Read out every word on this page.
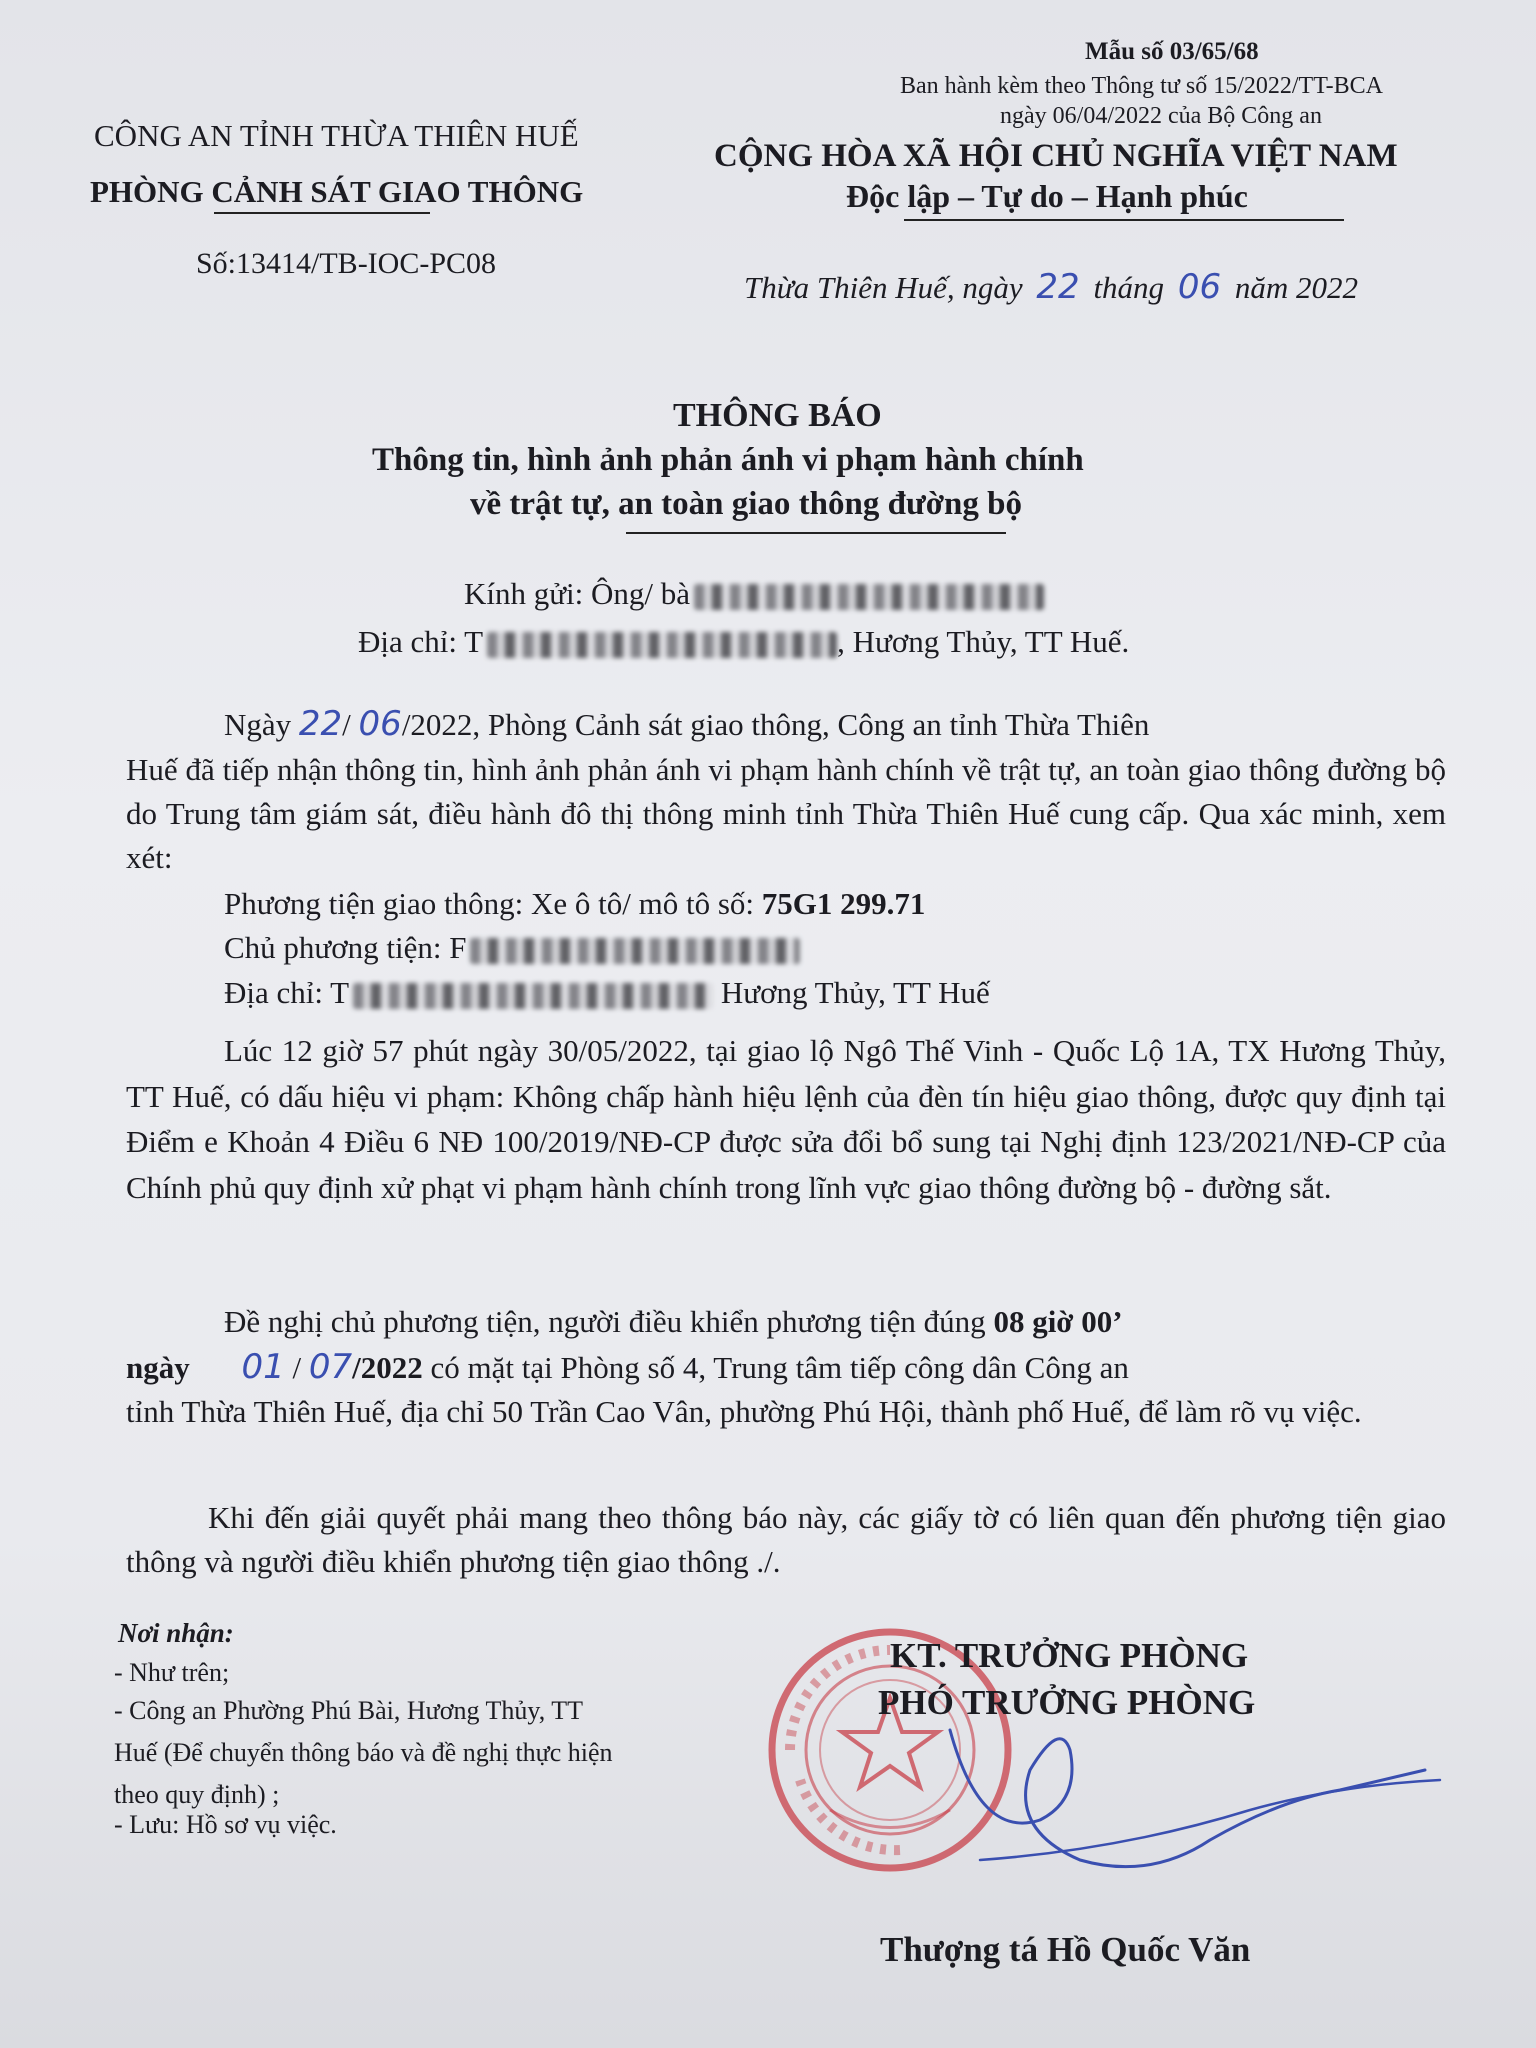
Mẫu số 03/65/68
Ban hành kèm theo Thông tư số 15/2022/TT-BCA
ngày 06/04/2022 của Bộ Công an
CÔNG AN TỈNH THỪA THIÊN HUẾ
PHÒNG CẢNH SÁT GIAO THÔNG
Số:13414/TB-IOC-PC08
CỘNG HÒA XÃ HỘI CHỦ NGHĨA VIỆT NAM
Độc lập – Tự do – Hạnh phúc
Thừa Thiên Huế, ngày 22 tháng 06 năm 2022
THÔNG BÁO
Thông tin, hình ảnh phản ánh vi phạm hành chính
về trật tự, an toàn giao thông đường bộ
Kính gửi: Ông/ bà
Địa chỉ: T	, Hương Thủy, TT Huế.
Ngày 22/ 06/2022, Phòng Cảnh sát giao thông, Công an tỉnh Thừa Thiên
Huế đã tiếp nhận thông tin, hình ảnh phản ánh vi phạm hành chính về trật tự, an toàn giao thông đường bộ do Trung tâm giám sát, điều hành đô thị thông minh tỉnh Thừa Thiên Huế cung cấp. Qua xác minh, xem xét:
Phương tiện giao thông: Xe ô tô/ mô tô số: 75G1 299.71
Chủ phương tiện: F
Địa chỉ: T	Hương Thủy, TT Huế
Lúc 12 giờ 57 phút ngày 30/05/2022, tại giao lộ Ngô Thế Vinh - Quốc Lộ 1A, TX Hương Thủy, TT Huế, có dấu hiệu vi phạm: Không chấp hành hiệu lệnh của đèn tín hiệu giao thông, được quy định tại Điểm e Khoản 4 Điều 6 NĐ 100/2019/NĐ-CP được sửa đổi bổ sung tại Nghị định 123/2021/NĐ-CP của Chính phủ quy định xử phạt vi phạm hành chính trong lĩnh vực giao thông đường bộ - đường sắt.
Đề nghị chủ phương tiện, người điều khiển phương tiện đúng 08 giờ 00’
ngày 01 / 07/2022 có mặt tại Phòng số 4, Trung tâm tiếp công dân Công an
tỉnh Thừa Thiên Huế, địa chỉ 50 Trần Cao Vân, phường Phú Hội, thành phố Huế, để làm rõ vụ việc.
Khi đến giải quyết phải mang theo thông báo này, các giấy tờ có liên quan đến phương tiện giao thông và người điều khiển phương tiện giao thông ./.
Nơi nhận:
- Như trên;
- Công an Phường Phú Bài, Hương Thủy, TT
Huế (Để chuyển thông báo và đề nghị thực hiện
theo quy định) ;
- Lưu: Hồ sơ vụ việc.
KT. TRƯỞNG PHÒNG
PHÓ TRƯỞNG PHÒNG
Thượng tá Hồ Quốc Văn
